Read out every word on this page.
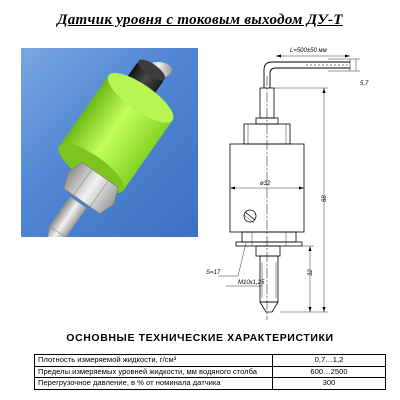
Датчик уровня с токовым выходом ДУ-Т
L=500±50 мм
5,7
ø32
88
32
S=17
М10х1,25
ОСНОВНЫЕ ТЕХНИЧЕСКИЕ ХАРАКТЕРИСТИКИ
Плотность измеряемой жидкости, г/см³	0,7…1,2
Пределы измеряемых уровней жидкости, мм водяного столба	600…2500
Перегрузочное давление, в % от номинала датчика	300
